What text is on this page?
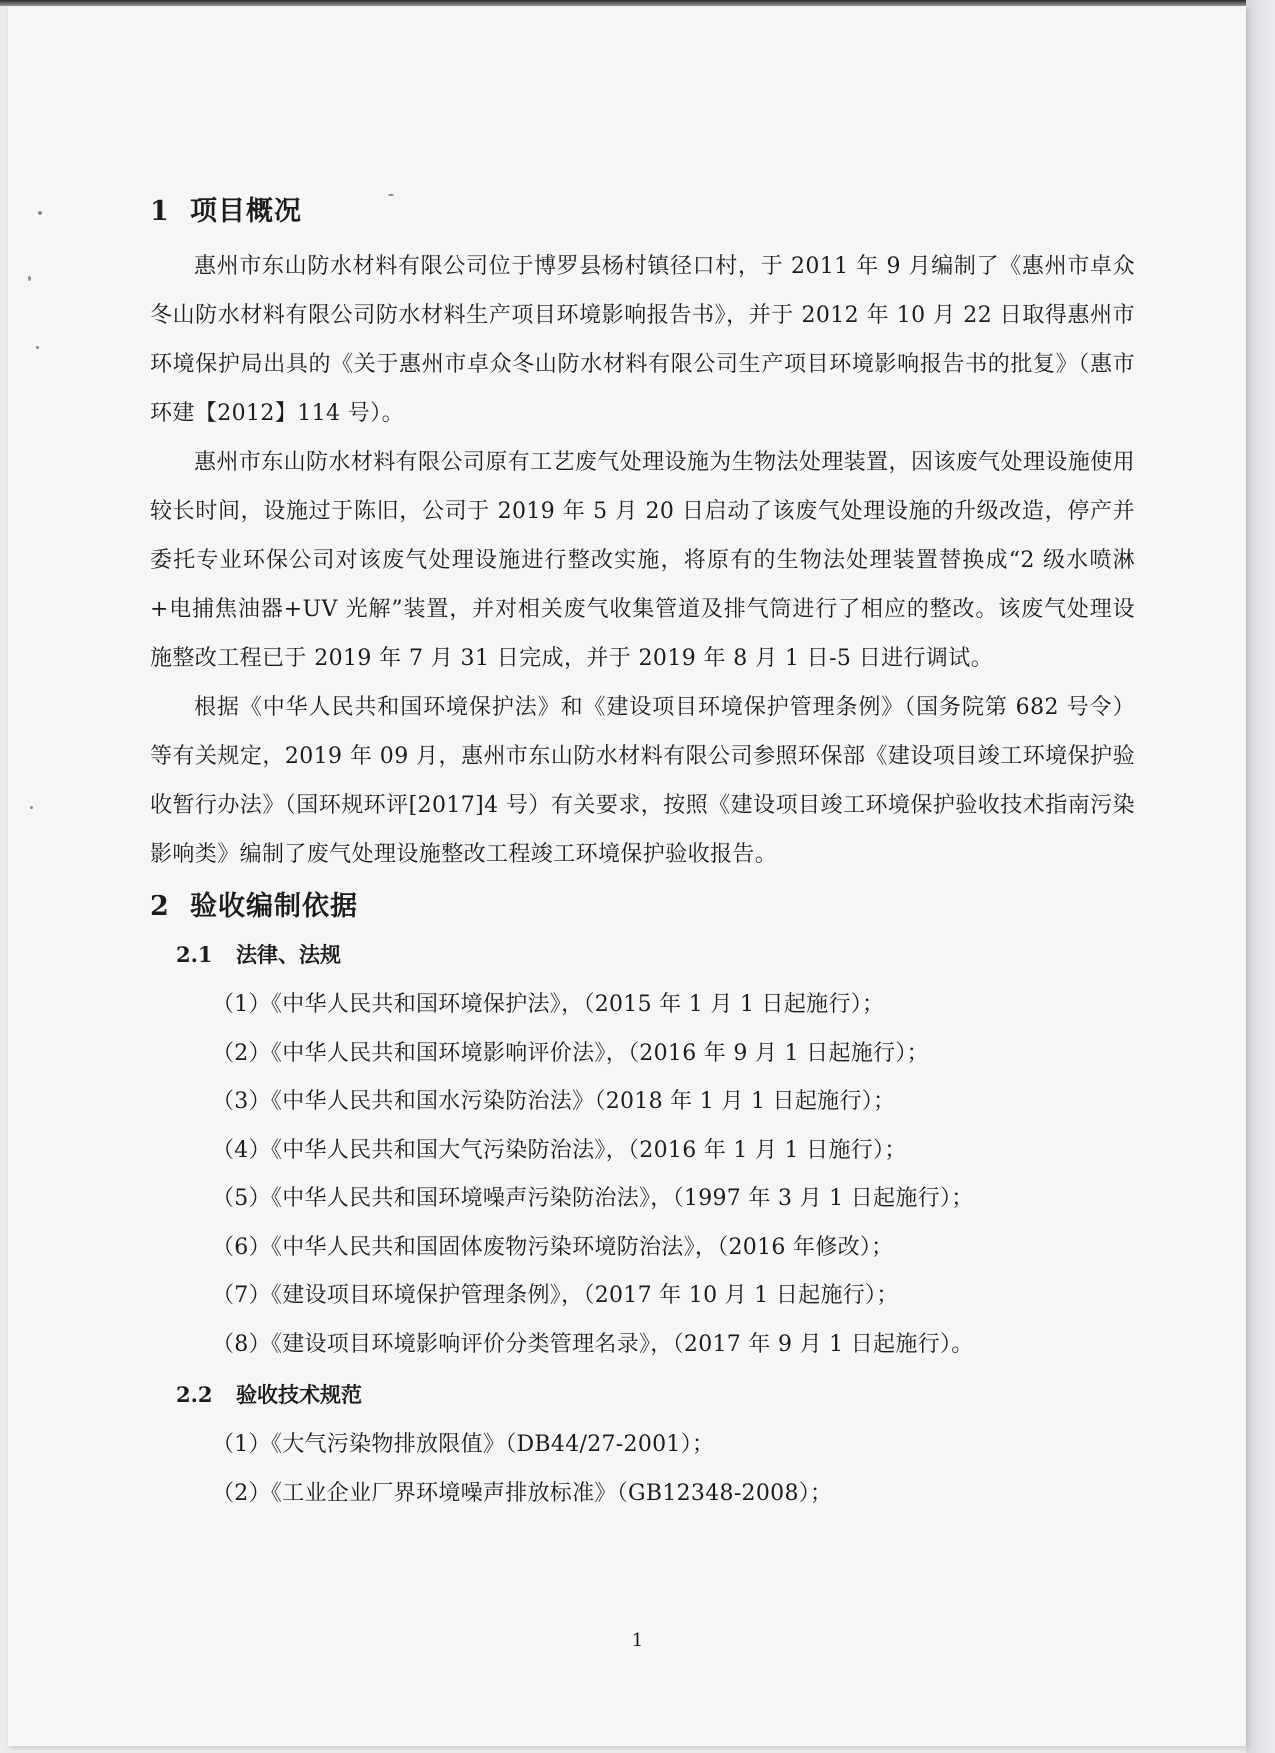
1 项目概况

惠州市东山防水材料有限公司位于博罗县杨村镇径口村，于 2011 年 9 月编制了《惠州市卓众冬山防水材料有限公司防水材料生产项目环境影响报告书》，并于 2012 年 10 月 22 日取得惠州市环境保护局出具的《关于惠州市卓众冬山防水材料有限公司生产项目环境影响报告书的批复》（惠市环建【2012】114 号）。

惠州市东山防水材料有限公司原有工艺废气处理设施为生物法处理装置，因该废气处理设施使用较长时间，设施过于陈旧，公司于 2019 年 5 月 20 日启动了该废气处理设施的升级改造，停产并委托专业环保公司对该废气处理设施进行整改实施，将原有的生物法处理装置替换成“2 级水喷淋+电捕焦油器+UV 光解”装置，并对相关废气收集管道及排气筒进行了相应的整改。该废气处理设施整改工程已于 2019 年 7 月 31 日完成，并于 2019 年 8 月 1 日-5 日进行调试。

根据《中华人民共和国环境保护法》和《建设项目环境保护管理条例》（国务院第 682 号令）等有关规定，2019 年 09 月，惠州市东山防水材料有限公司参照环保部《建设项目竣工环境保护验收暂行办法》（国环规环评[2017]4 号）有关要求，按照《建设项目竣工环境保护验收技术指南污染影响类》编制了废气处理设施整改工程竣工环境保护验收报告。

2 验收编制依据
2.1 法律、法规
（1）《中华人民共和国环境保护法》，（2015 年 1 月 1 日起施行）；
（2）《中华人民共和国环境影响评价法》，（2016 年 9 月 1 日起施行）；
（3）《中华人民共和国水污染防治法》（2018 年 1 月 1 日起施行）；
（4）《中华人民共和国大气污染防治法》，（2016 年 1 月 1 日施行）；
（5）《中华人民共和国环境噪声污染防治法》，（1997 年 3 月 1 日起施行）；
（6）《中华人民共和国固体废物污染环境防治法》，（2016 年修改）；
（7）《建设项目环境保护管理条例》，（2017 年 10 月 1 日起施行）；
（8）《建设项目环境影响评价分类管理名录》，（2017 年 9 月 1 日起施行）。
2.2 验收技术规范
（1）《大气污染物排放限值》（DB44/27-2001）；
（2）《工业企业厂界环境噪声排放标准》（GB12348-2008）；
1
